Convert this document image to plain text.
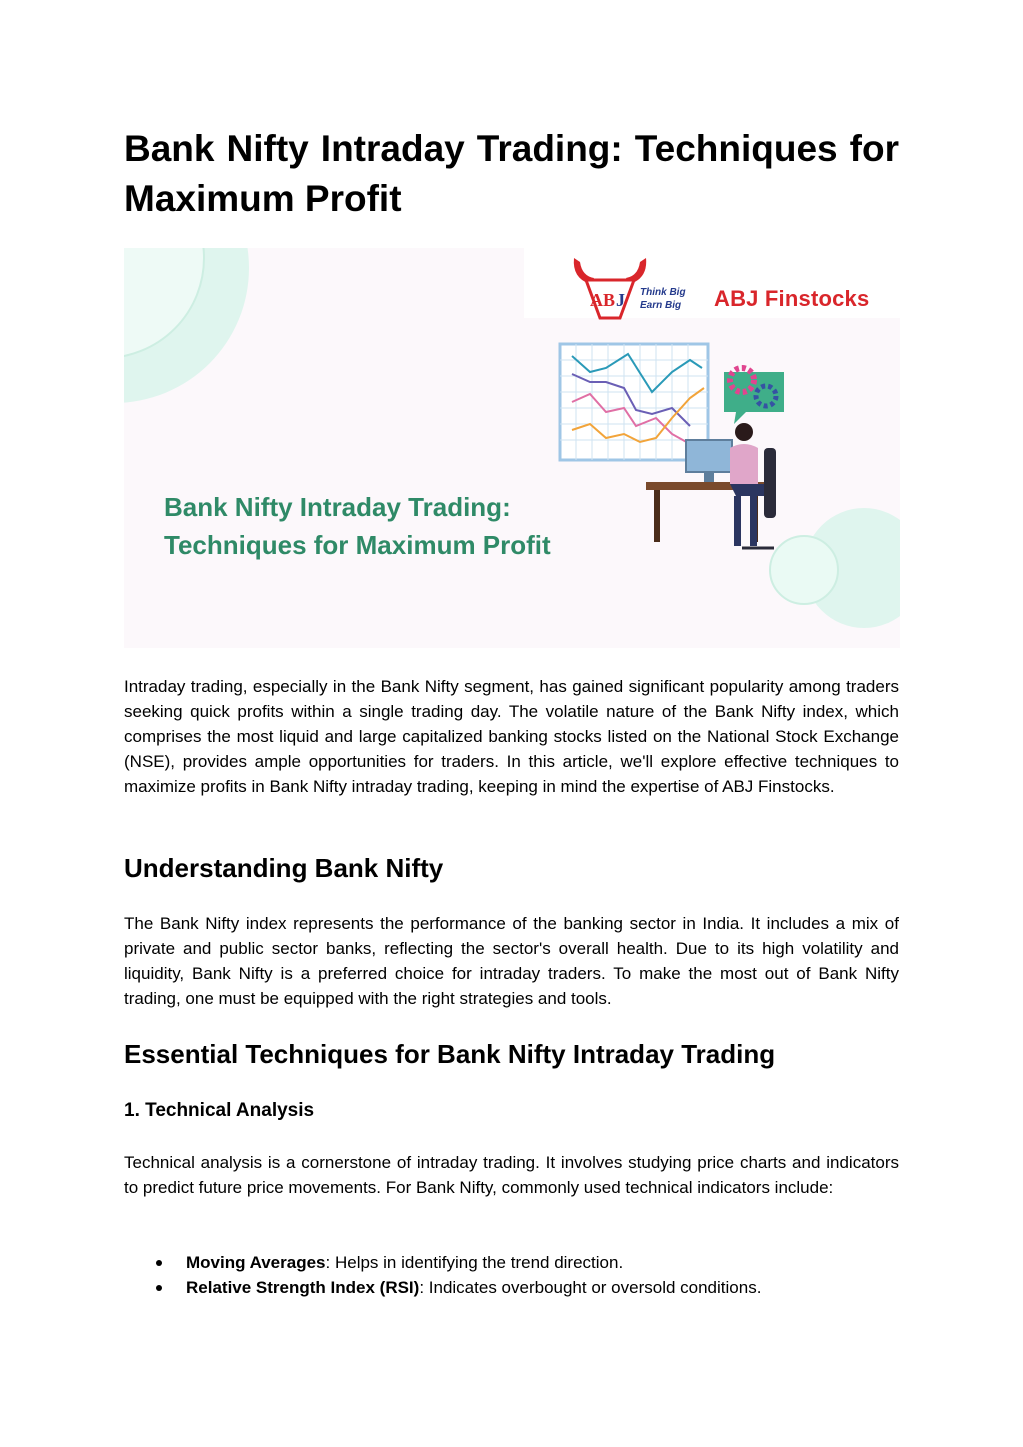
Bank Nifty Intraday Trading: Techniques for Maximum Profit
AB J Think Big
Earn Big ABJ Finstocks
Bank Nifty Intraday Trading:
Techniques for Maximum Profit

Intraday trading, especially in the Bank Nifty segment, has gained significant popularity among traders seeking quick profits within a single trading day. The volatile nature of the Bank Nifty index, which comprises the most liquid and large capitalized banking stocks listed on the National Stock Exchange (NSE), provides ample opportunities for traders. In this article, we'll explore effective techniques to maximize profits in Bank Nifty intraday trading, keeping in mind the expertise of ABJ Finstocks.

Understanding Bank Nifty

The Bank Nifty index represents the performance of the banking sector in India. It includes a mix of private and public sector banks, reflecting the sector's overall health. Due to its high volatility and liquidity, Bank Nifty is a preferred choice for intraday traders. To make the most out of Bank Nifty trading, one must be equipped with the right strategies and tools.

Essential Techniques for Bank Nifty Intraday Trading
1. Technical Analysis

Technical analysis is a cornerstone of intraday trading. It involves studying price charts and indicators to predict future price movements. For Bank Nifty, commonly used technical indicators include:

Moving Averages: Helps in identifying the trend direction.
Relative Strength Index (RSI): Indicates overbought or oversold conditions.
